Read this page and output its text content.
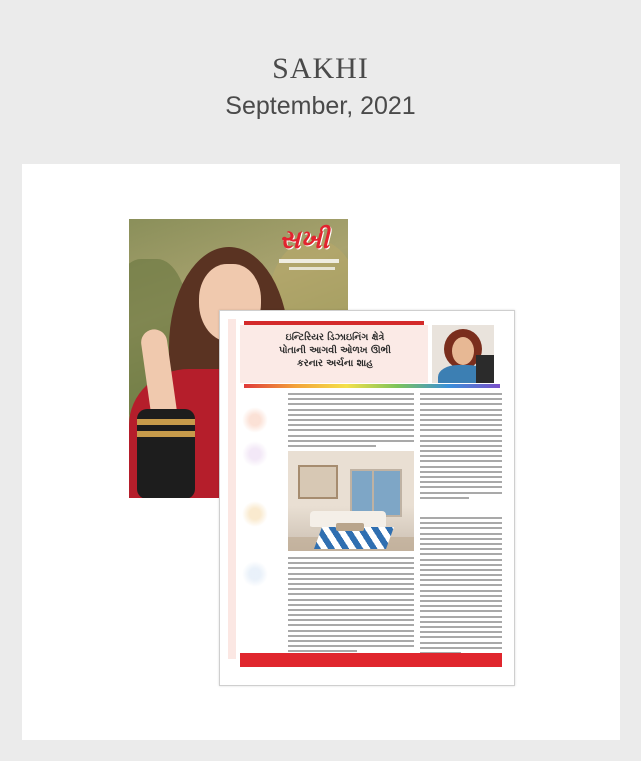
SAKHI
September, 2021
સખી
ઇન્ટિરિયર ડિઝાઇનિંગ ક્ષેત્રે
પોતાની આગવી ઓળખ ઊભી
કરનાર અર્ચના શાહ
